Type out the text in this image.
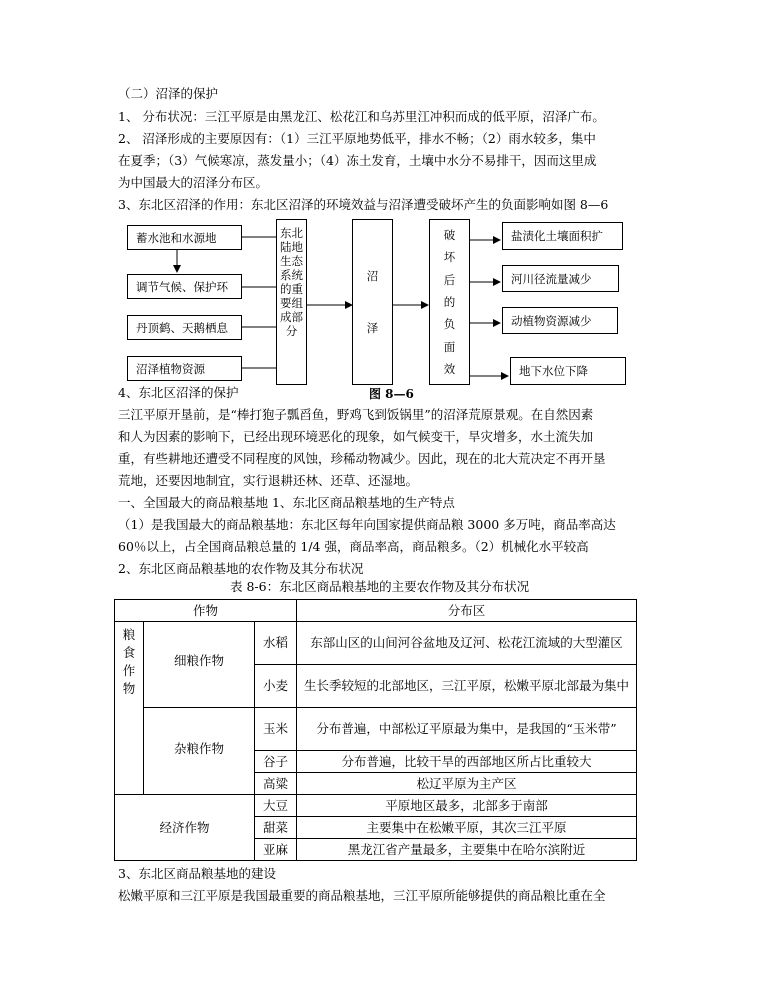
（二）沼泽的保护
1、 分布状况：三江平原是由黑龙江、松花江和乌苏里江冲积而成的低平原，沼泽广布。
2、 沼泽形成的主要原因有：（1）三江平原地势低平，排水不畅；（2）雨水较多，集中
在夏季；（3）气候寒凉，蒸发量小；（4）冻土发育，土壤中水分不易排干，因而这里成
为中国最大的沼泽分布区。
3、东北区沼泽的作用：东北区沼泽的环境效益与沼泽遭受破坏产生的负面影响如图 8—6
蓄水池和水源地
调节气候、保护环
丹顶鹤、天鹅栖息
沼泽植物资源
东北
陆地
生态
系统
的重
要组
成部
分
沼
泽
破
坏
后
的
负
面
效
盐渍化土壤面积扩
河川径流量减少
动植物资源减少
地下水位下降
图 8—6
4、东北区沼泽的保护
三江平原开垦前，是“棒打狍子瓢舀鱼，野鸡飞到饭锅里”的沼泽荒原景观。在自然因素
和人为因素的影响下，已经出现环境恶化的现象，如气候变干，旱灾增多，水土流失加
重，有些耕地还遭受不同程度的风蚀，珍稀动物减少。因此，现在的北大荒决定不再开垦
荒地，还要因地制宜，实行退耕还林、还草、还湿地。
一、全国最大的商品粮基地 1、东北区商品粮基地的生产特点
（1）是我国最大的商品粮基地：东北区每年向国家提供商品粮 3000 多万吨，商品率高达
60％以上，占全国商品粮总量的 1/4 强，商品率高，商品粮多。（2）机械化水平较高
2、东北区商品粮基地的农作物及其分布状况
表 8-6：东北区商品粮基地的主要农作物及其分布状况
作物			分布区

粮
食
作
物	细粮作物	水稻	东部山区的山间河谷盆地及辽河、松花江流域的大型灌区
		小麦	生长季较短的北部地区，三江平原，松嫩平原北部最为集中
	杂粮作物	玉米	分布普遍，中部松辽平原最为集中，是我国的“玉米带”
		谷子	分布普遍，比较干旱的西部地区所占比重较大
		高粱	松辽平原为主产区
经济作物		大豆	平原地区最多，北部多于南部
		甜菜	主要集中在松嫩平原，其次三江平原
		亚麻	黑龙江省产量最多，主要集中在哈尔滨附近
3、东北区商品粮基地的建设
松嫩平原和三江平原是我国最重要的商品粮基地，三江平原所能够提供的商品粮比重在全
